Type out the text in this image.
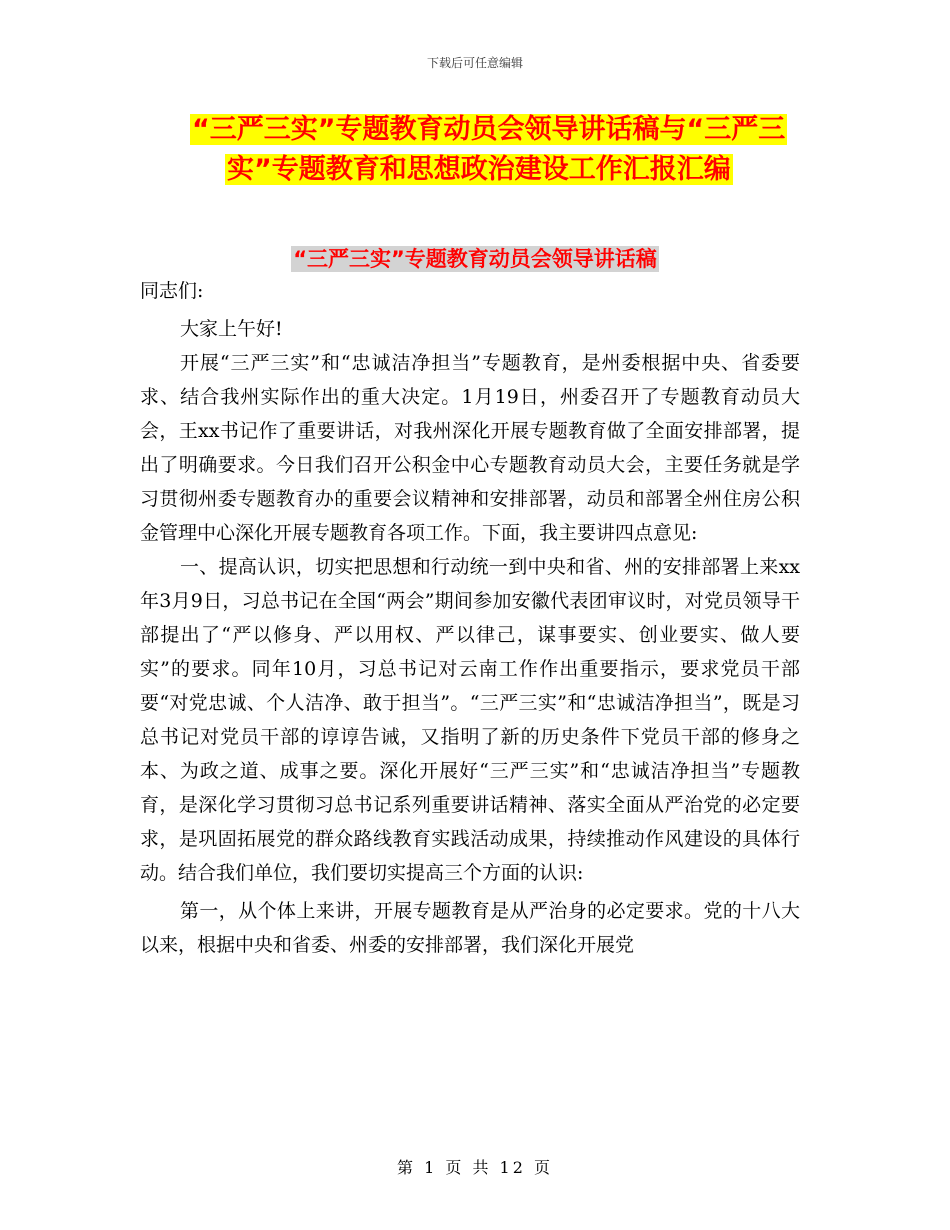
下载后可任意编辑
“三严三实”专题教育动员会领导讲话稿与“三严三
实”专题教育和思想政治建设工作汇报汇编
“三严三实”专题教育动员会领导讲话稿

同志们:

大家上午好!

开展“三严三实”和“忠诚洁净担当”专题教育，是州委根据中央、省委要求、结合我州实际作出的重大决定。1月19日，州委召开了专题教育动员大会，王xx书记作了重要讲话，对我州深化开展专题教育做了全面安排部署，提出了明确要求。今日我们召开公积金中心专题教育动员大会，主要任务就是学习贯彻州委专题教育办的重要会议精神和安排部署，动员和部署全州住房公积金管理中心深化开展专题教育各项工作。下面，我主要讲四点意见:

一、提高认识，切实把思想和行动统一到中央和省、州的安排部署上来xx年3月9日，习总书记在全国“两会”期间参加安徽代表团审议时，对党员领导干部提出了“严以修身、严以用权、严以律己，谋事要实、创业要实、做人要实”的要求。同年10月，习总书记对云南工作作出重要指示，要求党员干部要“对党忠诚、个人洁净、敢于担当”。“三严三实”和“忠诚洁净担当”，既是习总书记对党员干部的谆谆告诫，又指明了新的历史条件下党员干部的修身之本、为政之道、成事之要。深化开展好“三严三实”和“忠诚洁净担当”专题教育，是深化学习贯彻习总书记系列重要讲话精神、落实全面从严治党的必定要求，是巩固拓展党的群众路线教育实践活动成果，持续推动作风建设的具体行动。结合我们单位，我们要切实提高三个方面的认识:

第一，从个体上来讲，开展专题教育是从严治身的必定要求。党的十八大以来，根据中央和省委、州委的安排部署，我们深化开展党

第 1 页 共 12 页
